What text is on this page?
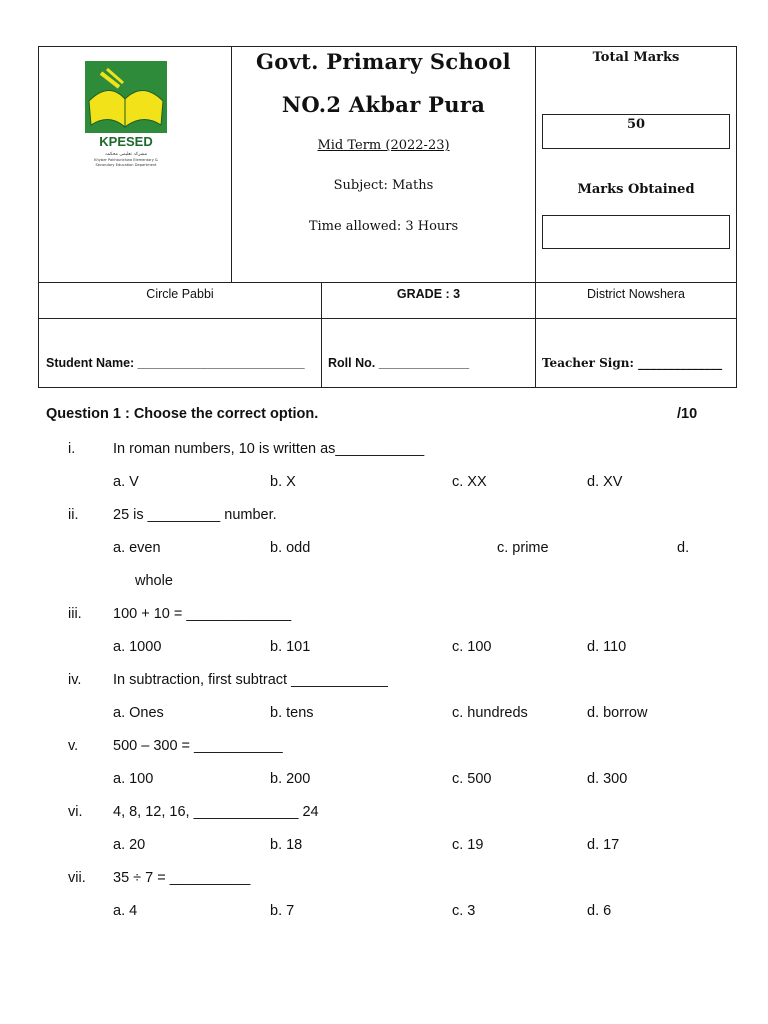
KPESED
مشرکہ تعلیمی محکمہ
Khyber Pakhtunkhwa Elementary &
Secondary Education Department
Govt. Primary School
NO.2 Akbar Pura
Mid Term (2022-23)
Subject: Maths
Time allowed: 3 Hours
Total Marks
50
Marks Obtained
Circle Pabbi	GRADE : 3	District Nowshera
Student Name: ________________________ Roll No. _____________	Teacher Sign: ______________
Question 1 : Choose the correct option.	/10
i.	In roman numbers, 10 is written as___________
a. V	b. X	c. XX	d. XV
ii. 25 is _________ number.
a. even	b. odd	c. prime	d.
whole
iii. 100 + 10 = _____________
a. 1000	b. 101	c. 100	d. 110
iv. In subtraction, first subtract ____________
a. Ones	b. tens	c. hundreds	d. borrow
v. 500 – 300 = ___________
a. 100	b. 200	c. 500	d. 300
vi. 4, 8, 12, 16, _____________ 24
a. 20	b. 18	c. 19	d. 17
vii. 35 ÷ 7 = __________
a. 4	b. 7	c. 3	d. 6
